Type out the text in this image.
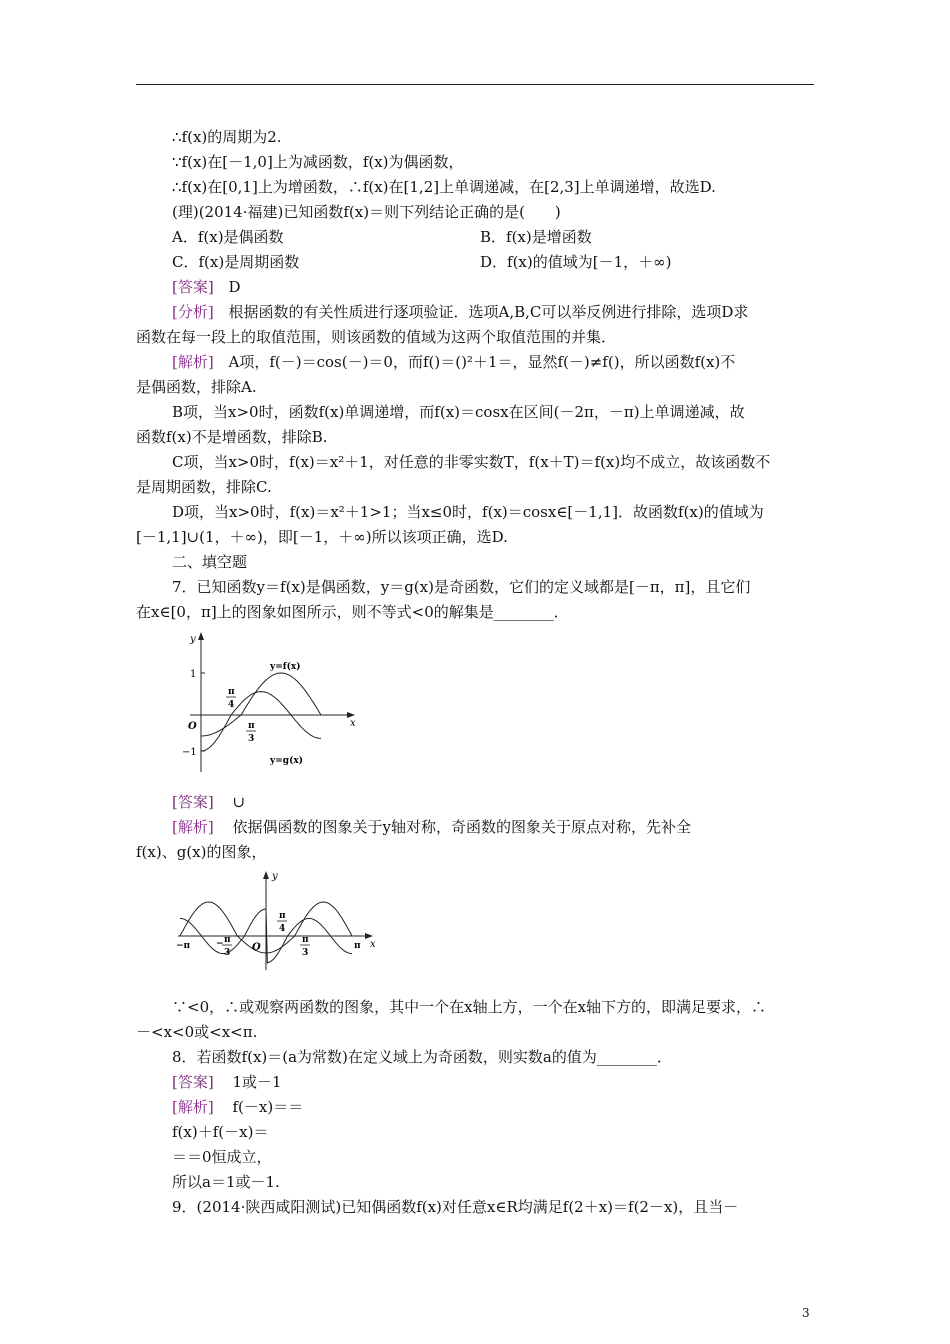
∴f(x)的周期为2.
∵f(x)在[－1,0]上为减函数，f(x)为偶函数，
∴f(x)在[0,1]上为增函数，∴f(x)在[1,2]上单调递减，在[2,3]上单调递增，故选D.
(理)(2014·福建)已知函数f(x)＝则下列结论正确的是(　　)
A．f(x)是偶函数	B．f(x)是增函数
C．f(x)是周期函数	D．f(x)的值域为[－1，＋∞)
[答案] D
[分析] 根据函数的有关性质进行逐项验证．选项A,B,C可以举反例进行排除，选项D求
函数在每一段上的取值范围，则该函数的值域为这两个取值范围的并集．
[解析] A项，f(－)＝cos(－)＝0，而f()＝()²＋1＝，显然f(－)≠f()，所以函数f(x)不
是偶函数，排除A.
B项，当x>0时，函数f(x)单调递增，而f(x)＝cosx在区间(－2π，－π)上单调递减，故
函数f(x)不是增函数，排除B.
C项，当x>0时，f(x)＝x²＋1，对任意的非零实数T，f(x＋T)＝f(x)均不成立，故该函数不
是周期函数，排除C.
D项，当x>0时，f(x)＝x²＋1>1；当x≤0时，f(x)＝cosx∈[－1,1]．故函数f(x)的值域为
[－1,1]∪(1，＋∞)，即[－1，＋∞)所以该项正确，选D.
二、填空题
7．已知函数y＝f(x)是偶函数，y＝g(x)是奇函数，它们的定义域都是[－π，π]，且它们
在x∈[0，π]上的图象如图所示，则不等式<0的解集是________．
y
x
O
1
−1
π
4
π
3
y=f(x)
y=g(x)
[答案] ∪
[解析] 依据偶函数的图象关于y轴对称，奇函数的图象关于原点对称，先补全
f(x)、g(x)的图象，
y
x
O
−π	π
π
4
− π
3
π
3
∵<0，∴或观察两函数的图象，其中一个在x轴上方，一个在x轴下方的，即满足要求，∴
－<x<0或<x<π.
8．若函数f(x)＝(a为常数)在定义域上为奇函数，则实数a的值为________．
[答案] 1或－1
[解析] f(－x)＝＝
f(x)＋f(－x)＝
＝＝0恒成立，
所以a＝1或－1.
9．(2014·陕西咸阳测试)已知偶函数f(x)对任意x∈R均满足f(2＋x)＝f(2－x)，且当－
3
